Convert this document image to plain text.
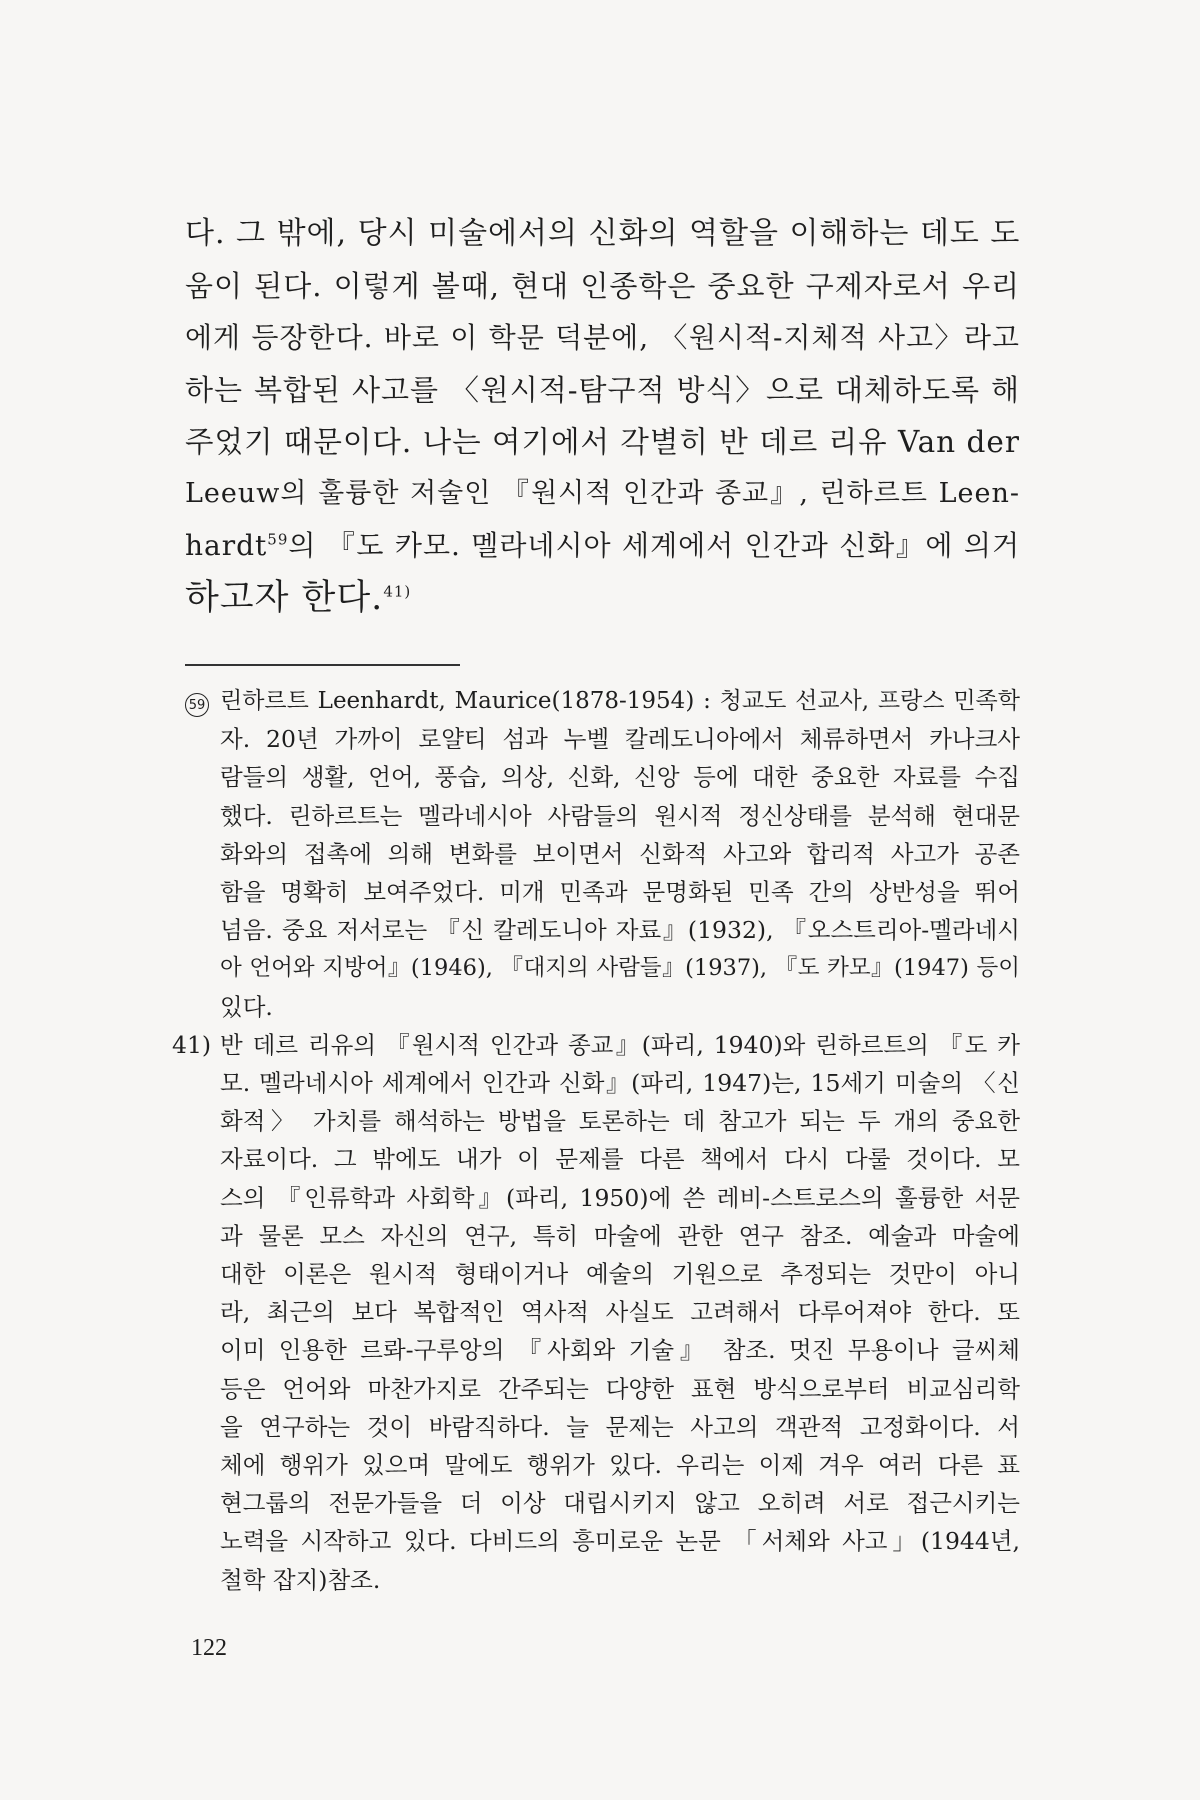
다. 그 밖에, 당시 미술에서의 신화의 역할을 이해하는 데도 도
움이 된다. 이렇게 볼때, 현대 인종학은 중요한 구제자로서 우리
에게 등장한다. 바로 이 학문 덕분에, 〈원시적-지체적 사고〉라고
하는 복합된 사고를 〈원시적-탐구적 방식〉으로 대체하도록 해
주었기 때문이다. 나는 여기에서 각별히 반 데르 리유 Van der
Leeuw의 훌륭한 저술인 『원시적 인간과 종교』, 린하르트 Leen-
hardt$^{59}$의 『도 카모. 멜라네시아 세계에서 인간과 신화』에 의거
하고자 한다.$^{41)}$
59 린하르트 Leenhardt, Maurice(1878-1954) : 청교도 선교사, 프랑스 민족학
자. 20년 가까이 로얄티 섬과 누벨 칼레도니아에서 체류하면서 카나크사
람들의 생활, 언어, 풍습, 의상, 신화, 신앙 등에 대한 중요한 자료를 수집
했다. 린하르트는 멜라네시아 사람들의 원시적 정신상태를 분석해 현대문
화와의 접촉에 의해 변화를 보이면서 신화적 사고와 합리적 사고가 공존
함을 명확히 보여주었다. 미개 민족과 문명화된 민족 간의 상반성을 뛰어
넘음. 중요 저서로는 『신 칼레도니아 자료』(1932), 『오스트리아-멜라네시
아 언어와 지방어』(1946), 『대지의 사람들』(1937), 『도 카모』(1947) 등이
있다.
41) 반 데르 리유의 『원시적 인간과 종교』(파리, 1940)와 린하르트의 『도 카
모. 멜라네시아 세계에서 인간과 신화』(파리, 1947)는, 15세기 미술의 〈신
화적〉 가치를 해석하는 방법을 토론하는 데 참고가 되는 두 개의 중요한
자료이다. 그 밖에도 내가 이 문제를 다른 책에서 다시 다룰 것이다. 모
스의 『인류학과 사회학』(파리, 1950)에 쓴 레비-스트로스의 훌륭한 서문
과 물론 모스 자신의 연구, 특히 마술에 관한 연구 참조. 예술과 마술에
대한 이론은 원시적 형태이거나 예술의 기원으로 추정되는 것만이 아니
라, 최근의 보다 복합적인 역사적 사실도 고려해서 다루어져야 한다. 또
이미 인용한 르롸-구루앙의 『사회와 기술』 참조. 멋진 무용이나 글씨체
등은 언어와 마찬가지로 간주되는 다양한 표현 방식으로부터 비교심리학
을 연구하는 것이 바람직하다. 늘 문제는 사고의 객관적 고정화이다. 서
체에 행위가 있으며 말에도 행위가 있다. 우리는 이제 겨우 여러 다른 표
현그룹의 전문가들을 더 이상 대립시키지 않고 오히려 서로 접근시키는
노력을 시작하고 있다. 다비드의 흥미로운 논문 「서체와 사고」(1944년,
철학 잡지)참조.
122
